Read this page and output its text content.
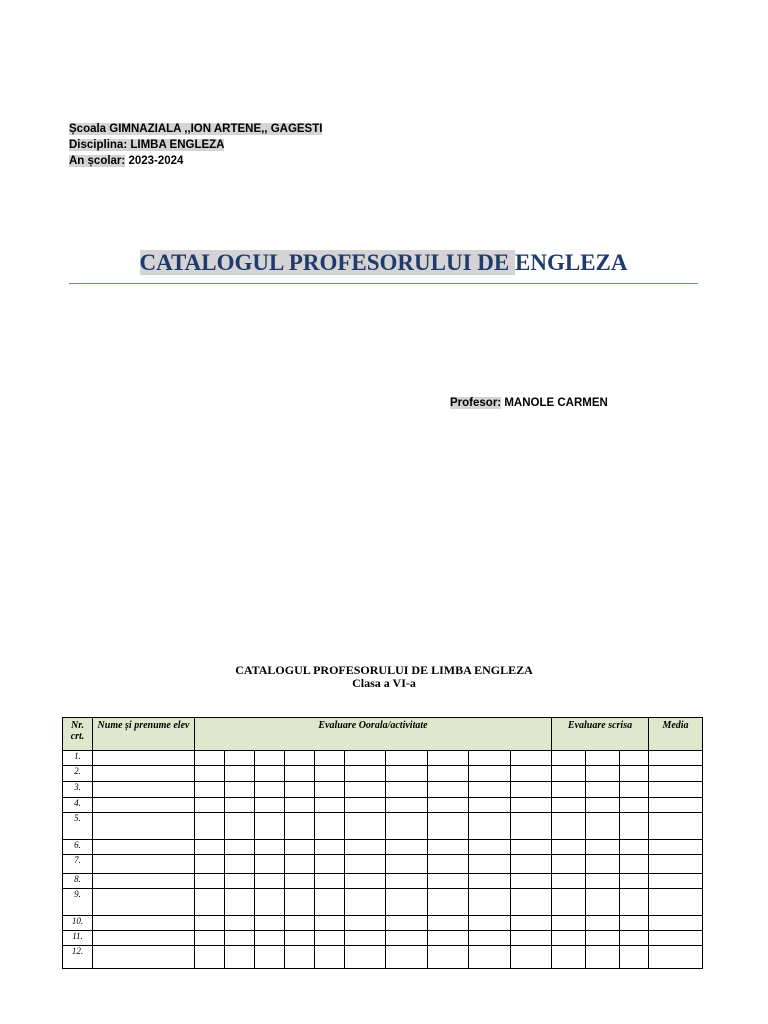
Școala GIMNAZIALA ,,ION ARTENE,, GAGESTI
Disciplina: LIMBA ENGLEZA
An școlar: 2023-2024
CATALOGUL PROFESORULUI DE ENGLEZA
Profesor: MANOLE CARMEN
CATALOGUL PROFESORULUI DE LIMBA ENGLEZA
Clasa a VI-a
Nr. crt.	Nume și prenume elev	Evaluare Oorala/activitate										Evaluare scrisa			Media
1.															
2.															
3.															
4.															
5.															
6.															
7.															
8.															
9.															
10.															
11.															
12.															
